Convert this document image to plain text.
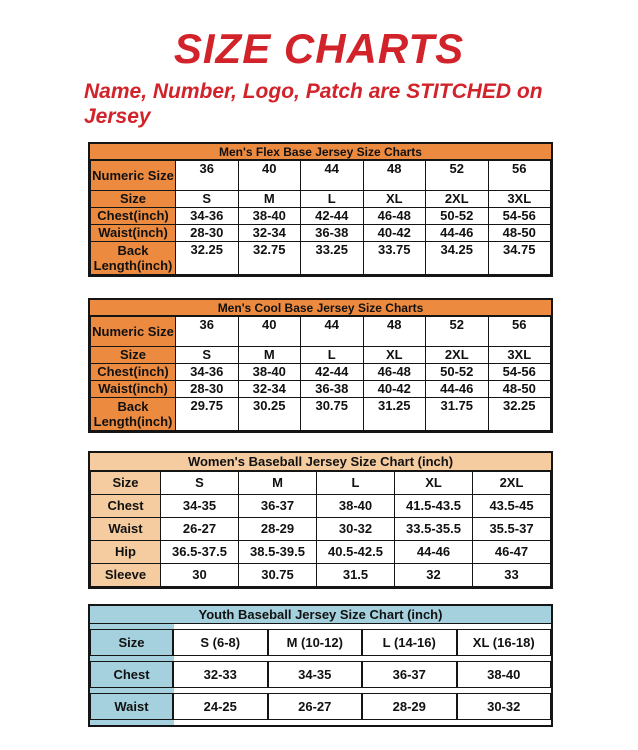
SIZE CHARTS
Name, Number, Logo, Patch are STITCHED on Jersey
Men's Flex Base Jersey Size Charts
Numeric Size	36	40	44	48	52	56
Size	S	M	L	XL	2XL	3XL
Chest(inch)	34-36	38-40	42-44	46-48	50-52	54-56
Waist(inch)	28-30	32-34	36-38	40-42	44-46	48-50
Back Length(inch)	32.25	32.75	33.25	33.75	34.25	34.75
Men's Cool Base Jersey Size Charts
Numeric Size	36	40	44	48	52	56
Size	S	M	L	XL	2XL	3XL
Chest(inch)	34-36	38-40	42-44	46-48	50-52	54-56
Waist(inch)	28-30	32-34	36-38	40-42	44-46	48-50
Back Length(inch)	29.75	30.25	30.75	31.25	31.75	32.25
Women's Baseball Jersey Size Chart (inch)
Size	S	M	L	XL	2XL
Chest	34-35	36-37	38-40	41.5-43.5	43.5-45
Waist	26-27	28-29	30-32	33.5-35.5	35.5-37
Hip	36.5-37.5	38.5-39.5	40.5-42.5	44-46	46-47
Sleeve	30	30.75	31.5	32	33
Youth Baseball Jersey Size Chart (inch)
Size	S (6-8)	M (10-12)	L (14-16)	XL (16-18)
Chest	32-33	34-35	36-37	38-40
Waist	24-25	26-27	28-29	30-32
